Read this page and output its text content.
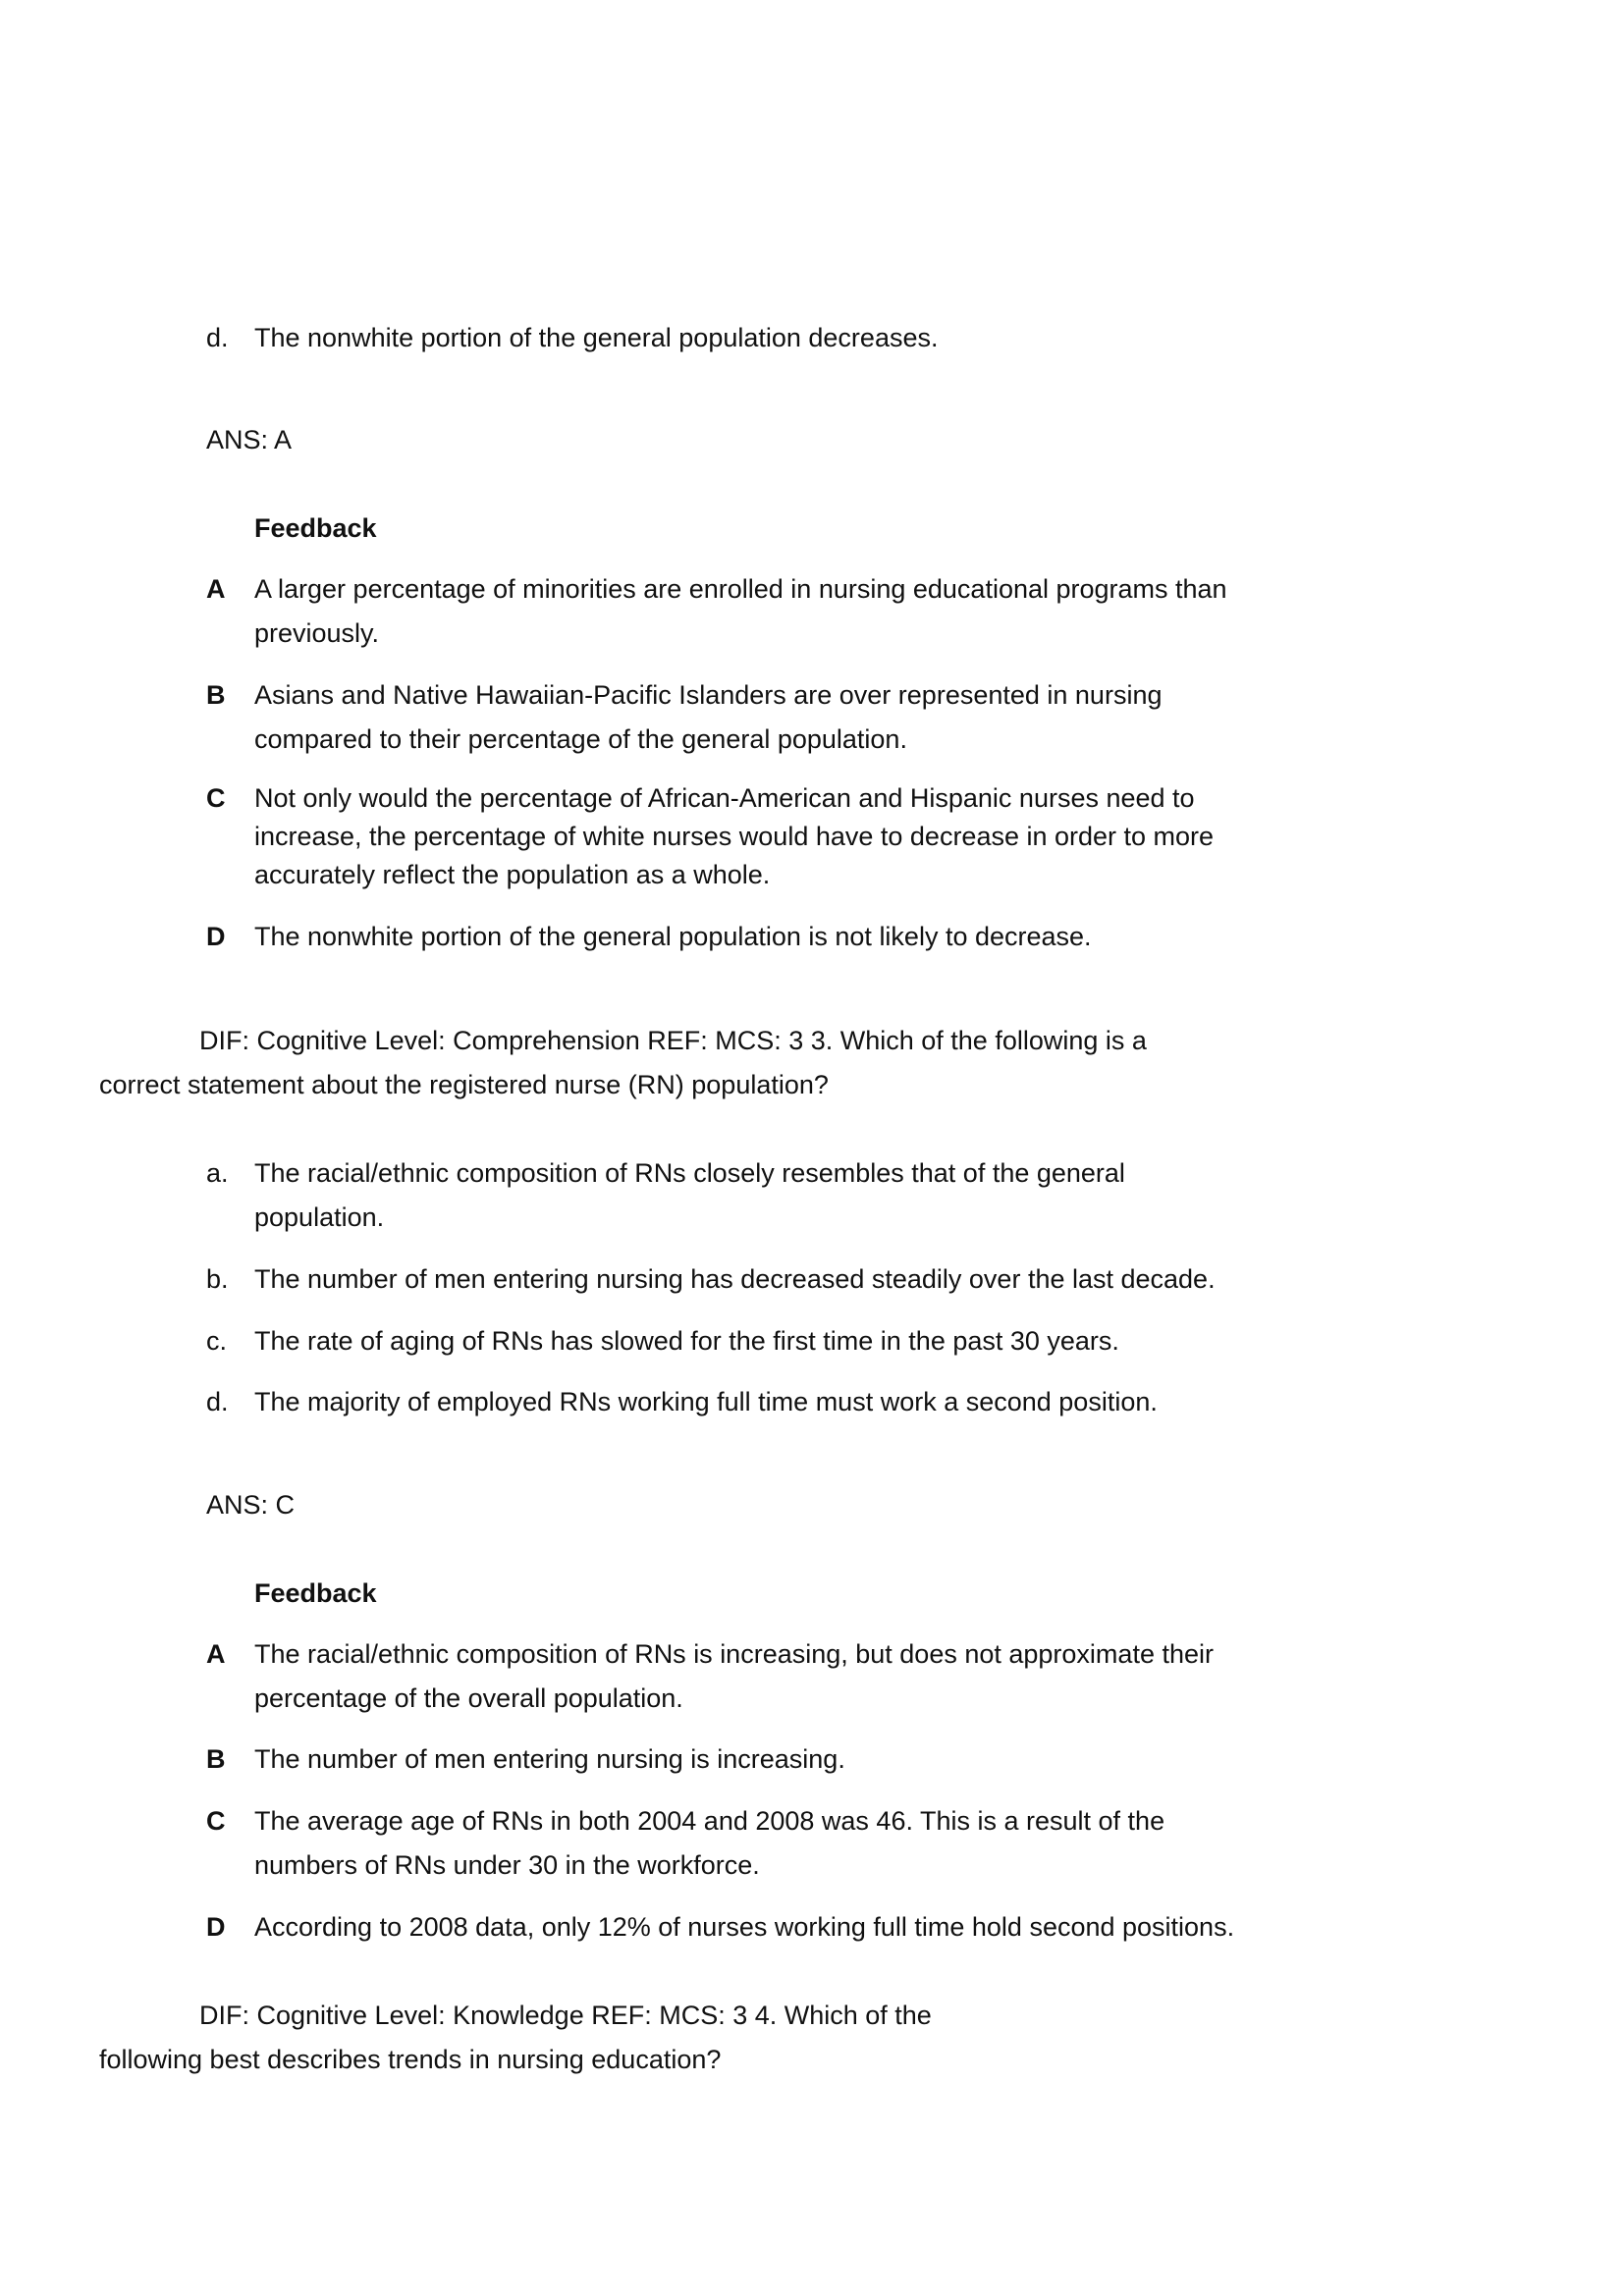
d. The nonwhite portion of the general population decreases.
ANS: A
Feedback
A A larger percentage of minorities are enrolled in nursing educational programs than
previously.
B Asians and Native Hawaiian-Pacific Islanders are over represented in nursing
compared to their percentage of the general population.
C Not only would the percentage of African-American and Hispanic nurses need to
increase, the percentage of white nurses would have to decrease in order to more
accurately reflect the population as a whole.
D The nonwhite portion of the general population is not likely to decrease.
DIF: Cognitive Level: Comprehension REF: MCS: 3 3. Which of the following is a
correct statement about the registered nurse (RN) population?
a. The racial/ethnic composition of RNs closely resembles that of the general
population.
b. The number of men entering nursing has decreased steadily over the last decade.
c. The rate of aging of RNs has slowed for the first time in the past 30 years.
d. The majority of employed RNs working full time must work a second position.
ANS: C
Feedback
A The racial/ethnic composition of RNs is increasing, but does not approximate their
percentage of the overall population.
B The number of men entering nursing is increasing.
C The average age of RNs in both 2004 and 2008 was 46. This is a result of the
numbers of RNs under 30 in the workforce.
D According to 2008 data, only 12% of nurses working full time hold second positions.
DIF: Cognitive Level: Knowledge REF: MCS: 3 4. Which of the
following best describes trends in nursing education?
